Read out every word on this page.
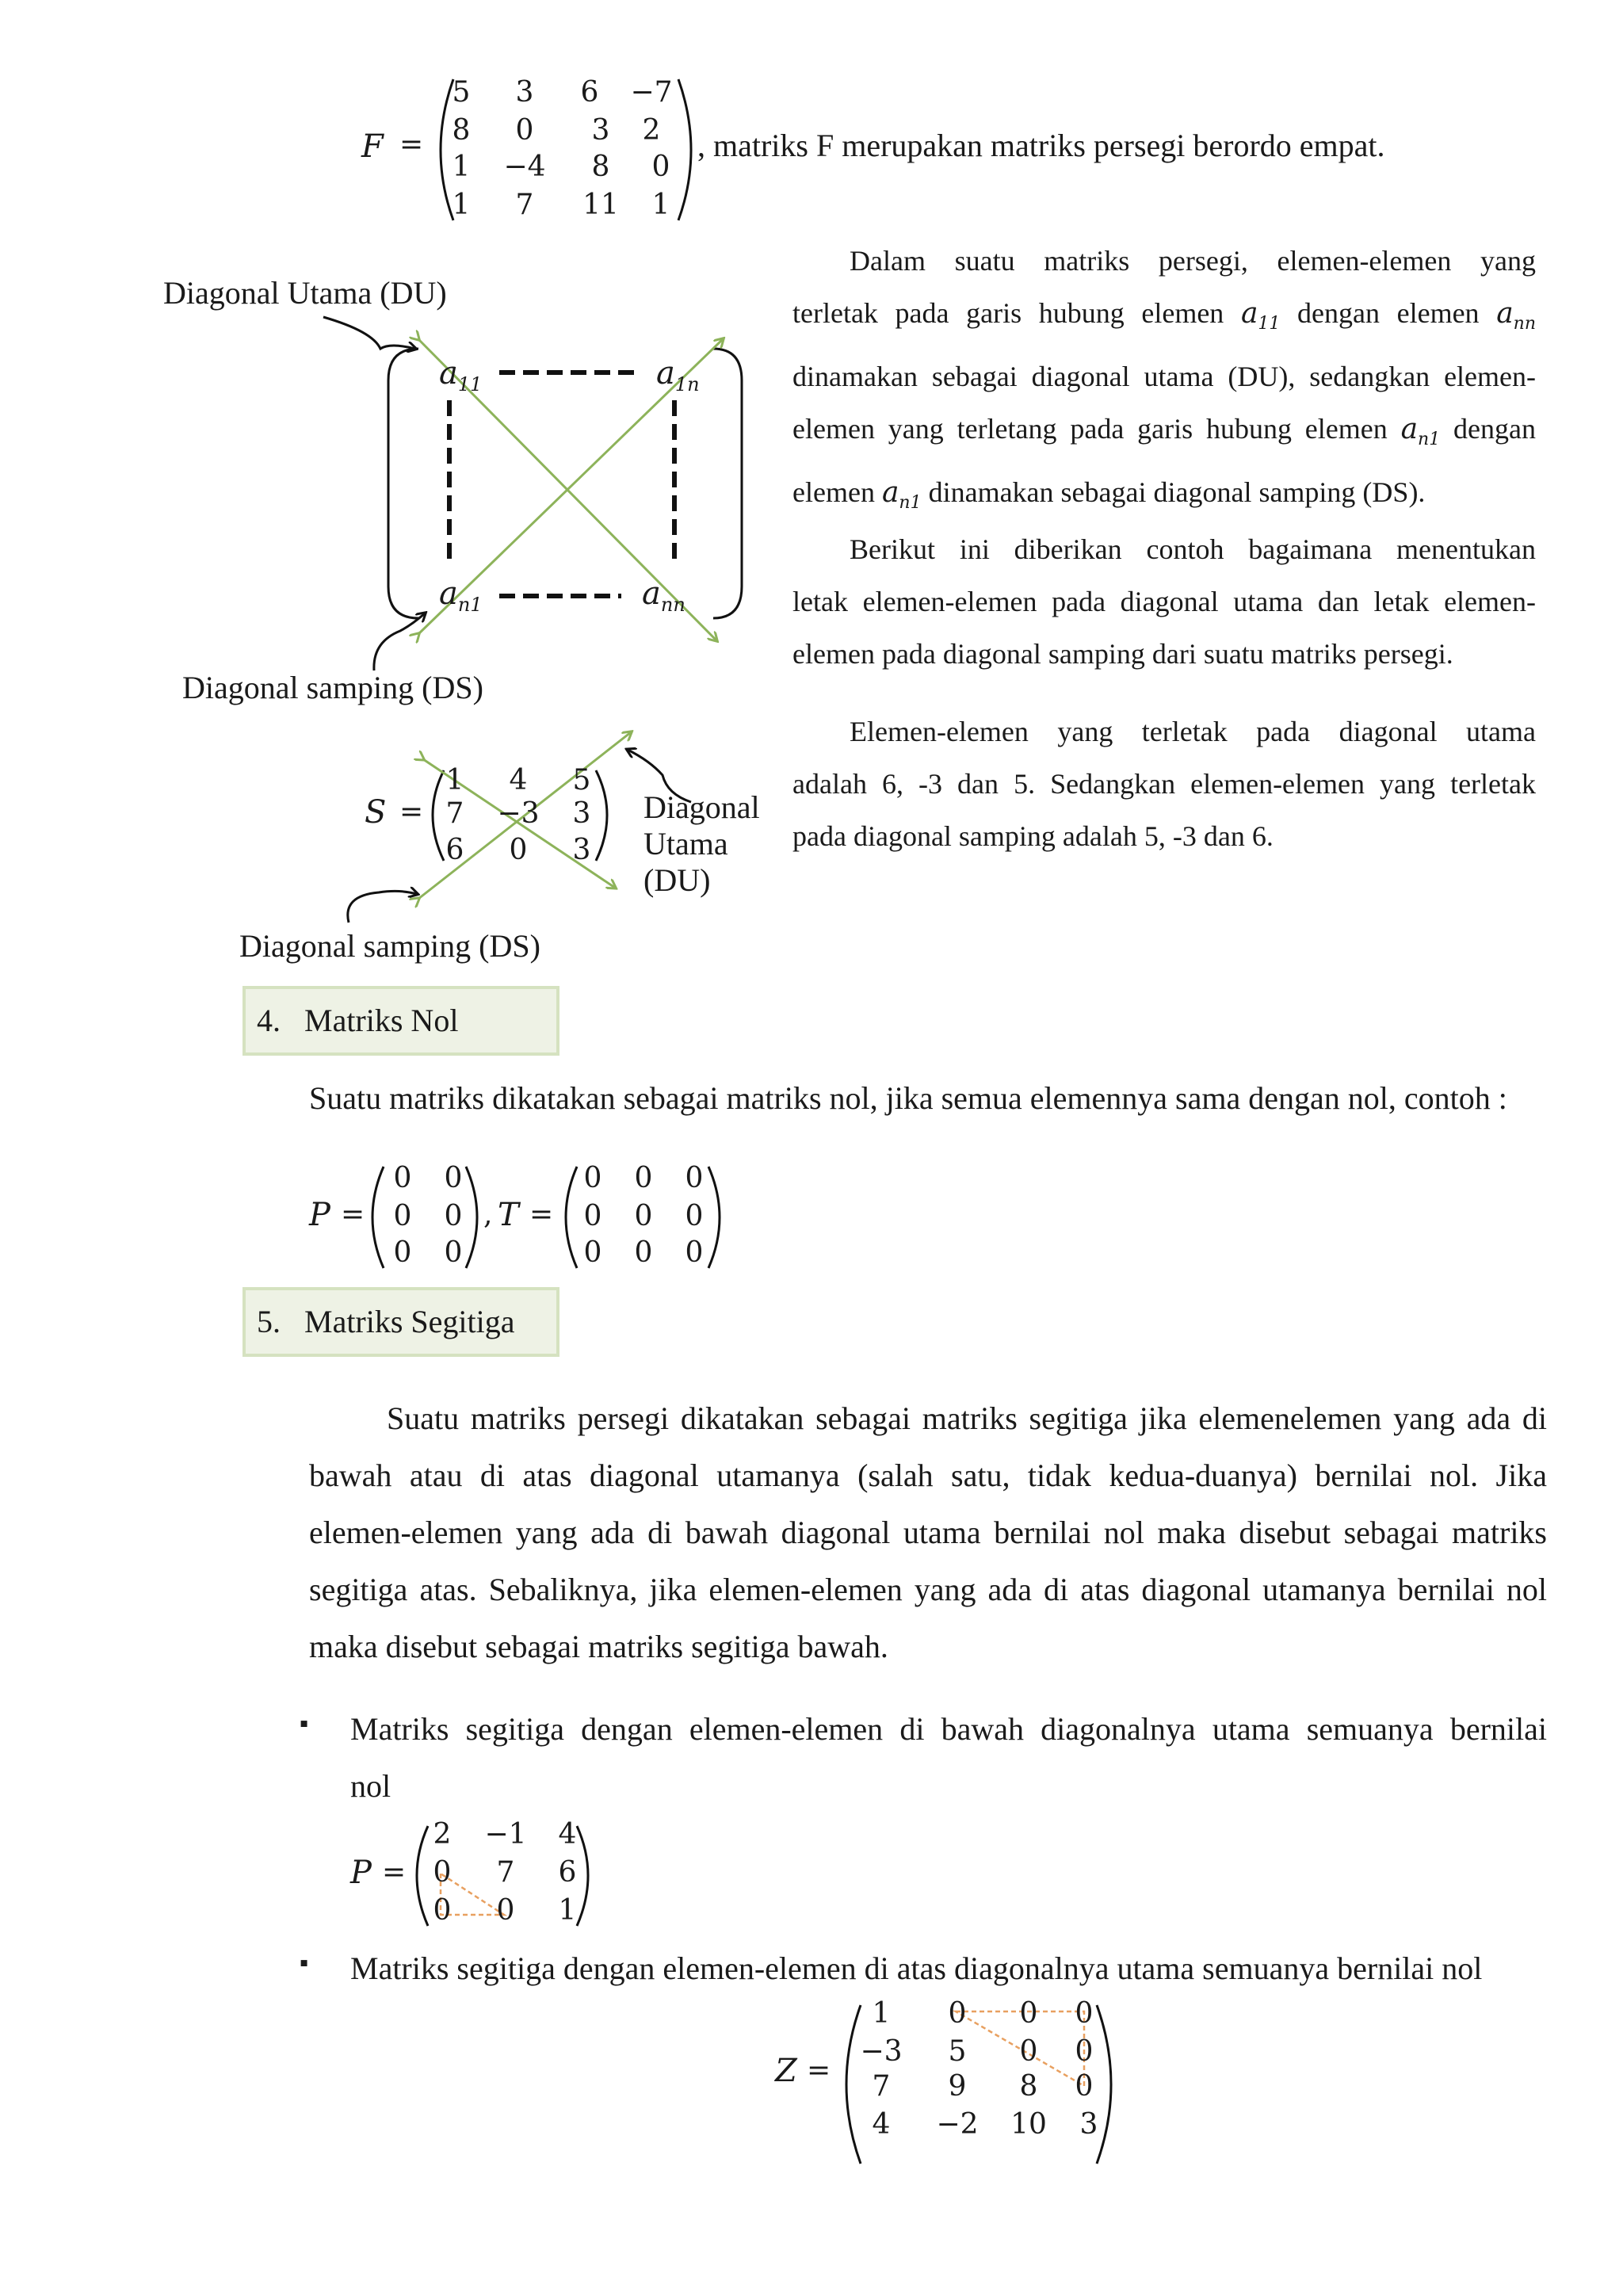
F =
5	3	6	−7
8	0	3	2
1	−4	8	0
1	7	11	1
, matriks F merupakan matriks persegi berordo empat.
Diagonal Utama (DU)
Diagonal samping (DS)
$a_{11}$	$a_{1n}$
$a_{n1}$	$a_{nn}$
Dalam suatu matriks persegi, elemen-elemen yang
terletak pada garis hubung elemen $a_{11}$ dengan elemen $a_{nn}$
dinamakan sebagai diagonal utama (DU), sedangkan elemen-
elemen yang terletang pada garis hubung elemen $a_{n1}$ dengan
elemen $a_{n1}$ dinamakan sebagai diagonal samping (DS).
Berikut ini diberikan contoh bagaimana menentukan
letak elemen-elemen pada diagonal utama dan letak elemen-
elemen pada diagonal samping dari suatu matriks persegi.
Elemen-elemen yang terletak pada diagonal utama
adalah 6, -3 dan 5. Sedangkan elemen-elemen yang terletak
pada diagonal samping adalah 5, -3 dan 6.
S =
1	4	5
7	−3	3
6	0	3
Diagonal
Utama
(DU)
Diagonal samping (DS)
4.   Matriks Nol
Suatu matriks dikatakan sebagai matriks nol, jika semua elemennya sama dengan nol, contoh :
P =
0	0
0	0
0	0
, T =
0	0	0
0	0	0
0	0	0
5.   Matriks Segitiga
Suatu matriks persegi dikatakan sebagai matriks segitiga jika elemenelemen yang ada di
bawah atau di atas diagonal utamanya (salah satu, tidak kedua-duanya) bernilai nol. Jika
elemen-elemen yang ada di bawah diagonal utama bernilai nol maka disebut sebagai matriks
segitiga atas. Sebaliknya, jika elemen-elemen yang ada di atas diagonal utamanya bernilai nol
maka disebut sebagai matriks segitiga bawah.
▪ Matriks segitiga dengan elemen-elemen di bawah diagonalnya utama semuanya bernilai
nol
P =
2	−1	4
0	7	6
0	0	1
▪ Matriks segitiga dengan elemen-elemen di atas diagonalnya utama semuanya bernilai nol
Z =
1	0	0	0
−3	5	0	0
7	9	8	0
4	−2	10	3
